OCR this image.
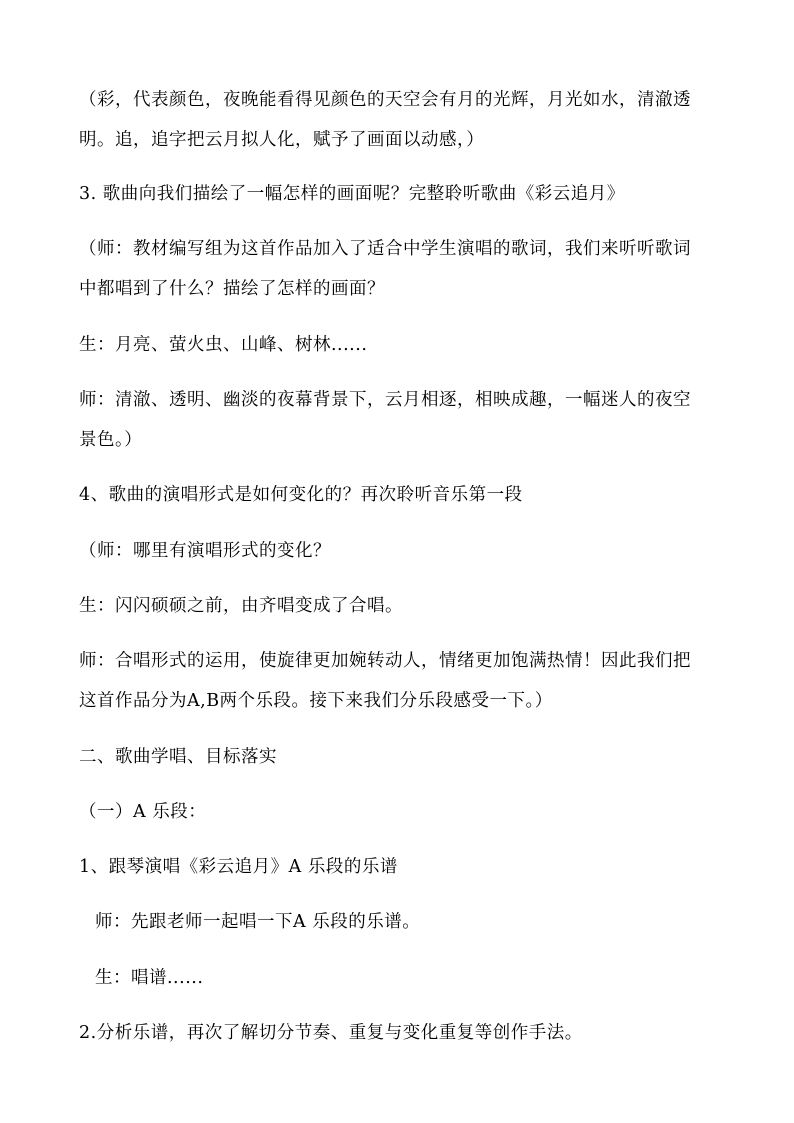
（彩，代表颜色，夜晚能看得见颜色的天空会有月的光辉，月光如水，清澈透
明。追，追字把云月拟人化，赋予了画面以动感，）
3. 歌曲向我们描绘了一幅怎样的画面呢？完整聆听歌曲《彩云追月》
（师：教材编写组为这首作品加入了适合中学生演唱的歌词，我们来听听歌词
中都唱到了什么？描绘了怎样的画面？
生：月亮、萤火虫、山峰、树林......
师：清澈、透明、幽淡的夜幕背景下，云月相逐，相映成趣，一幅迷人的夜空
景色。）
4、歌曲的演唱形式是如何变化的？再次聆听音乐第一段
（师：哪里有演唱形式的变化？
生：闪闪硕硕之前，由齐唱变成了合唱。
师：合唱形式的运用，使旋律更加婉转动人，情绪更加饱满热情！因此我们把
这首作品分为A,B两个乐段。接下来我们分乐段感受一下。）
二、歌曲学唱、目标落实
（一）A 乐段：
1、跟琴演唱《彩云追月》A 乐段的乐谱
师：先跟老师一起唱一下A 乐段的乐谱。
生：唱谱......
2.分析乐谱，再次了解切分节奏、重复与变化重复等创作手法。
